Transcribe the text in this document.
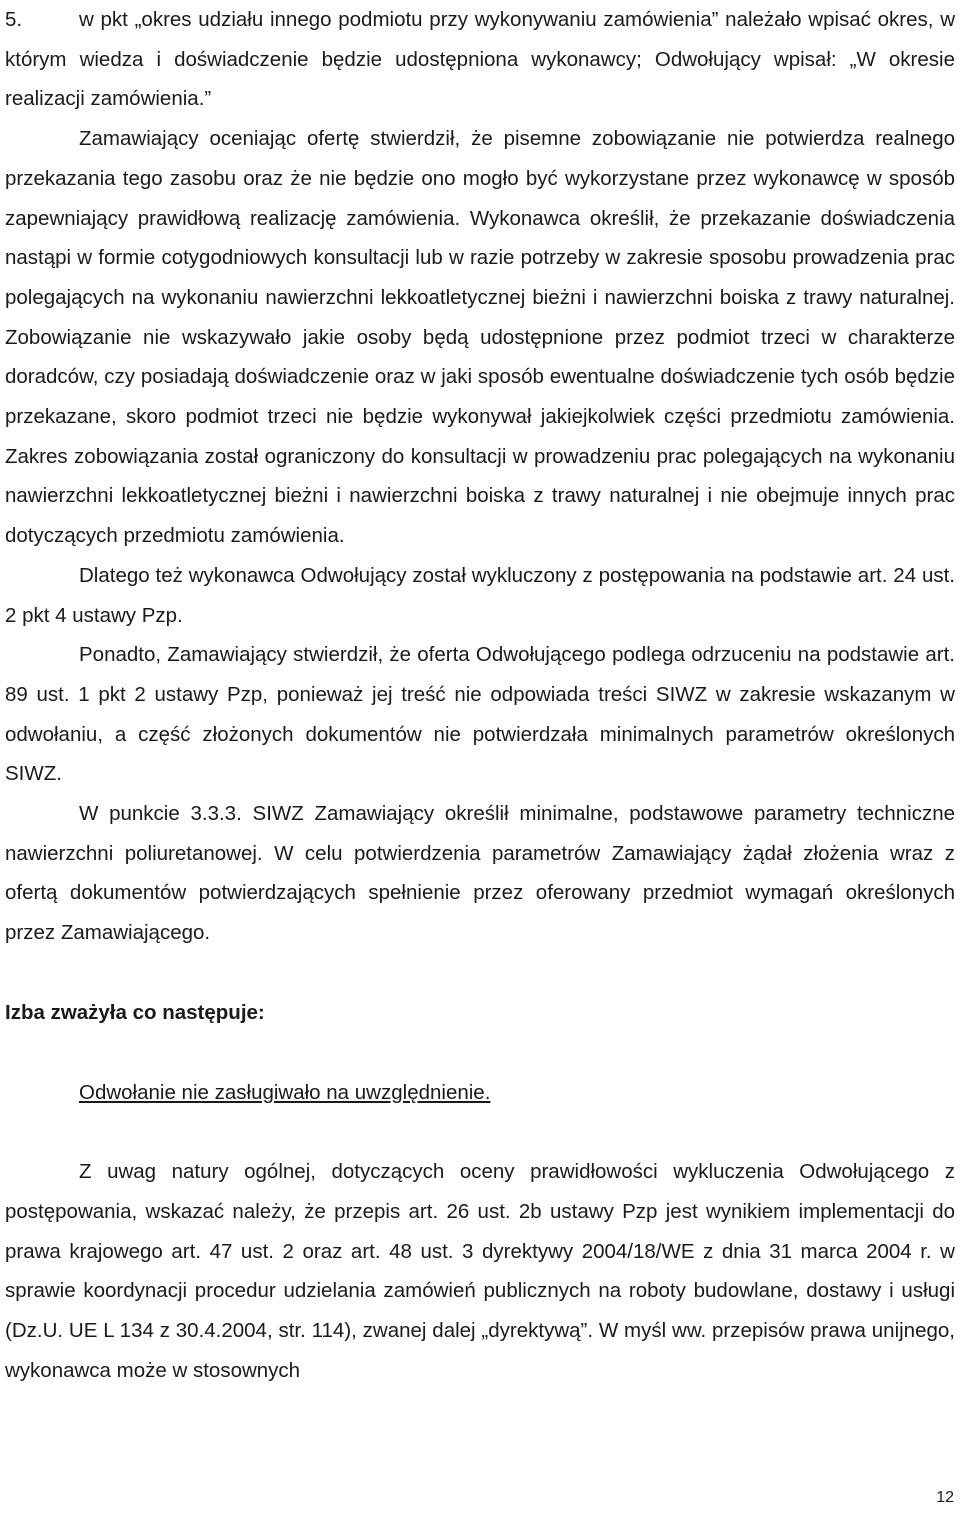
5.	w pkt „okres udziału innego podmiotu przy wykonywaniu zamówienia” należało wpisać okres, w którym wiedza i doświadczenie będzie udostępniona wykonawcy; Odwołujący wpisał: „W okresie realizacji zamówienia.”

Zamawiający oceniając ofertę stwierdził, że pisemne zobowiązanie nie potwierdza realnego przekazania tego zasobu oraz że nie będzie ono mogło być wykorzystane przez wykonawcę w sposób zapewniający prawidłową realizację zamówienia. Wykonawca określił, że przekazanie doświadczenia nastąpi w formie cotygodniowych konsultacji lub w razie potrzeby w zakresie sposobu prowadzenia prac polegających na wykonaniu nawierzchni lekkoatletycznej bieżni i nawierzchni boiska z trawy naturalnej. Zobowiązanie nie wskazywało jakie osoby będą udostępnione przez podmiot trzeci w charakterze doradców, czy posiadają doświadczenie oraz w jaki sposób ewentualne doświadczenie tych osób będzie przekazane, skoro podmiot trzeci nie będzie wykonywał jakiejkolwiek części przedmiotu zamówienia. Zakres zobowiązania został ograniczony do konsultacji w prowadzeniu prac polegających na wykonaniu nawierzchni lekkoatletycznej bieżni i nawierzchni boiska z trawy naturalnej i nie obejmuje innych prac dotyczących przedmiotu zamówienia.

Dlatego też wykonawca Odwołujący został wykluczony z postępowania na podstawie art. 24 ust. 2 pkt 4 ustawy Pzp.

Ponadto, Zamawiający stwierdził, że oferta Odwołującego podlega odrzuceniu na podstawie art. 89 ust. 1 pkt 2 ustawy Pzp, ponieważ jej treść nie odpowiada treści SIWZ w zakresie wskazanym w odwołaniu, a część złożonych dokumentów nie potwierdzała minimalnych parametrów określonych SIWZ.

W punkcie 3.3.3. SIWZ Zamawiający określił minimalne, podstawowe parametry techniczne nawierzchni poliuretanowej. W celu potwierdzenia parametrów Zamawiający żądał złożenia wraz z ofertą dokumentów potwierdzających spełnienie przez oferowany przedmiot wymagań określonych przez Zamawiającego.

Izba zważyła co następuje:

Odwołanie nie zasługiwało na uwzględnienie.

Z uwag natury ogólnej, dotyczących oceny prawidłowości wykluczenia Odwołującego z postępowania, wskazać należy, że przepis art. 26 ust. 2b ustawy Pzp jest wynikiem implementacji do prawa krajowego art. 47 ust. 2 oraz art. 48 ust. 3 dyrektywy 2004/18/WE z dnia 31 marca 2004 r. w sprawie koordynacji procedur udzielania zamówień publicznych na roboty budowlane, dostawy i usługi (Dz.U. UE L 134 z 30.4.2004, str. 114), zwanej dalej „dyrektywą”. W myśl ww. przepisów prawa unijnego, wykonawca może w stosownych

12
